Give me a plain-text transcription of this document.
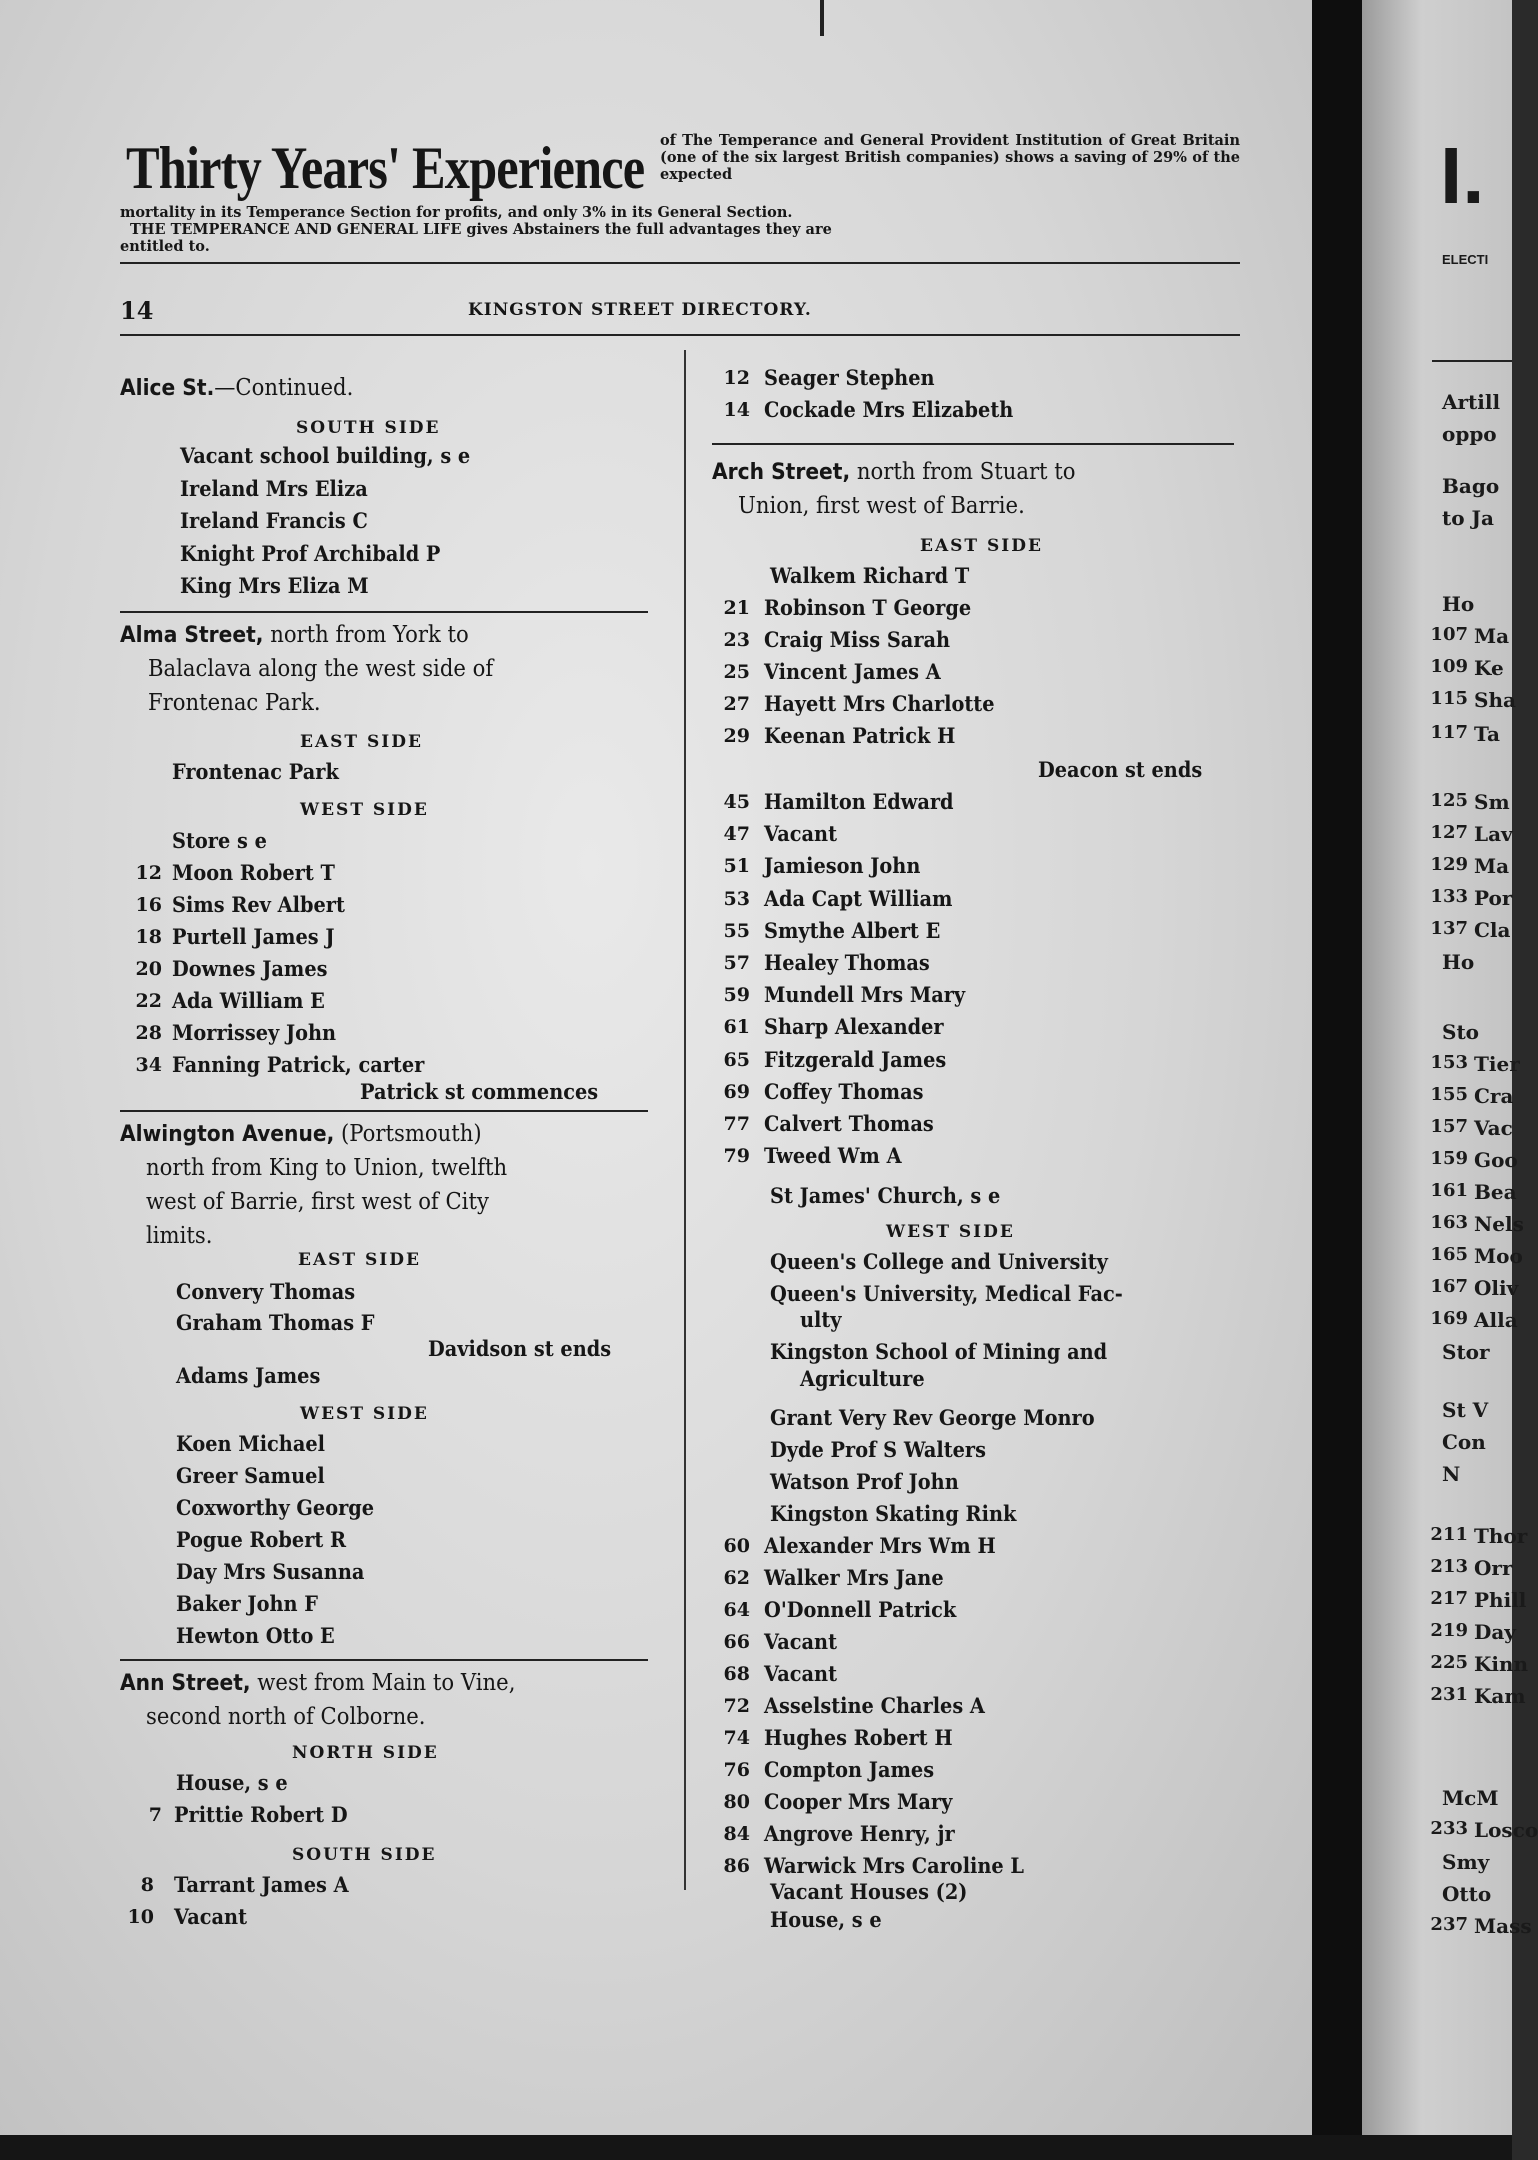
Thirty Years' Experience of The Temperance and General Provident Institution of Great Britain (one of the six largest British companies) shows a saving of 29% of the expected
mortality in its Temperance Section for profits, and only 3% in its General Section.
THE TEMPERANCE AND GENERAL LIFE gives Abstainers the full advantages they are
entitled to.
14	KINGSTON STREET DIRECTORY.
Alice St.—Continued.
SOUTH SIDE
Vacant school building, s e
Ireland Mrs Eliza
Ireland Francis C
Knight Prof Archibald P
King Mrs Eliza M
Alma Street, north from York to
Balaclava along the west side of
Frontenac Park.
EAST SIDE
Frontenac Park
WEST SIDE
Store s e
12 Moon Robert T
16 Sims Rev Albert
18 Purtell James J
20 Downes James
22 Ada William E
28 Morrissey John
34 Fanning Patrick, carter
Patrick st commences
Alwington Avenue, (Portsmouth)
north from King to Union, twelfth
west of Barrie, first west of City
limits.
EAST SIDE
Convery Thomas
Graham Thomas F
Davidson st ends
Adams James
WEST SIDE
Koen Michael
Greer Samuel
Coxworthy George
Pogue Robert R
Day Mrs Susanna
Baker John F
Hewton Otto E
Ann Street, west from Main to Vine,
second north of Colborne.
NORTH SIDE
House, s e
7 Prittie Robert D
SOUTH SIDE
8 Tarrant James A
10 Vacant
12 Seager Stephen
14 Cockade Mrs Elizabeth
Arch Street, north from Stuart to
Union, first west of Barrie.
EAST SIDE
Walkem Richard T
21 Robinson T George
23 Craig Miss Sarah
25 Vincent James A
27 Hayett Mrs Charlotte
29 Keenan Patrick H
Deacon st ends
45 Hamilton Edward
47 Vacant
51 Jamieson John
53 Ada Capt William
55 Smythe Albert E
57 Healey Thomas
59 Mundell Mrs Mary
61 Sharp Alexander
65 Fitzgerald James
69 Coffey Thomas
77 Calvert Thomas
79 Tweed Wm A
St James' Church, s e
WEST SIDE
Queen's College and University
Queen's University, Medical Fac-
ulty
Kingston School of Mining and
Agriculture
Grant Very Rev George Monro
Dyde Prof S Walters
Watson Prof John
Kingston Skating Rink
60 Alexander Mrs Wm H
62 Walker Mrs Jane
64 O'Donnell Patrick
66 Vacant
68 Vacant
72 Asselstine Charles A
74 Hughes Robert H
76 Compton James
80 Cooper Mrs Mary
84 Angrove Henry, jr
86 Warwick Mrs Caroline L
Vacant Houses (2)
House, s e
I.
ELECTI
Artill
oppo
Bago
to Ja
Ho
107 Ma
109 Ke
115 Sha
117 Ta
125 Sm
127 Lav
129 Ma
133 Por
137 Cla
Ho
Sto
153 Tier
155 Cra
157 Vac
159 Goo
161 Bea
163 Nels
165 Moo
167 Oliv
169 Alla
Stor
St V
Con
N
211 Thor
213 Orr
217 Phill
219 Day
225 Kinn
231 Kam
McM
233 Losco
Smy
Otto
237 Mass
